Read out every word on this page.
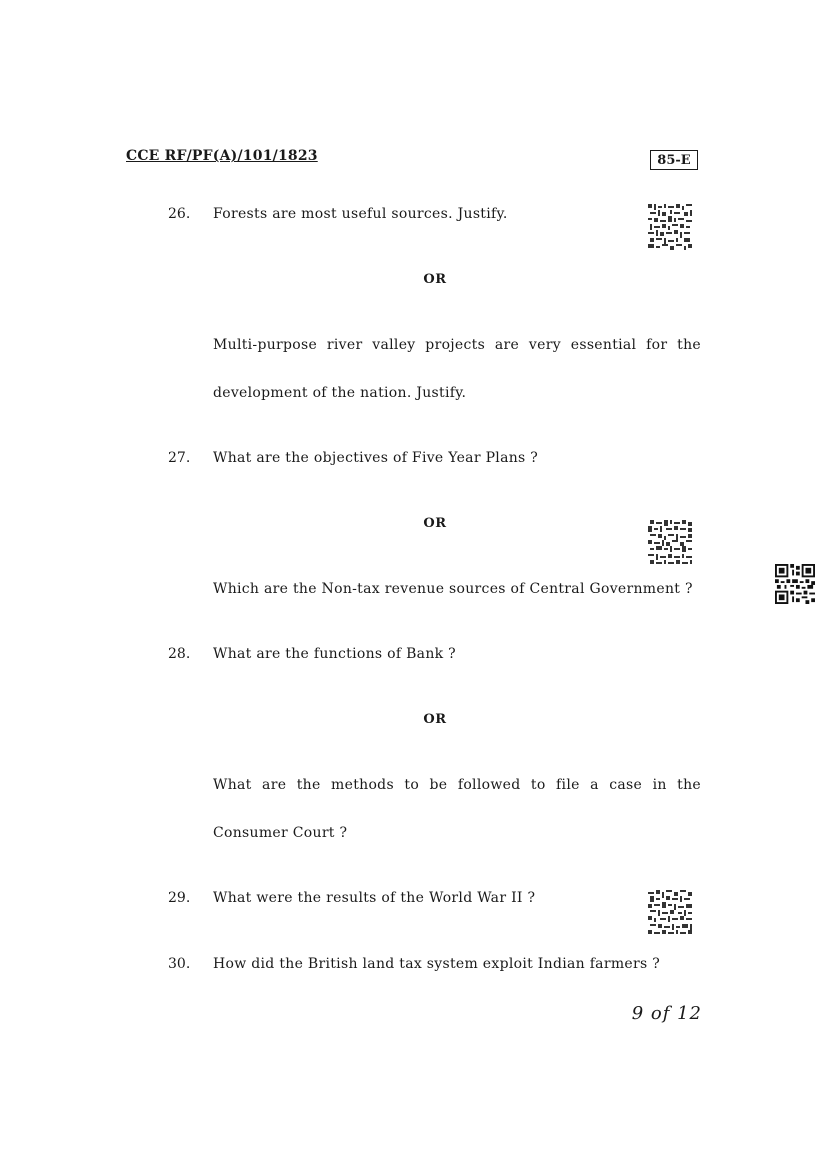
CCE RF/PF(A)/101/1823	85-E
26.	Forests are most useful sources. Justify.
OR
Multi-purpose river valley projects are very essential for the
development of the nation. Justify.
27.	What are the objectives of Five Year Plans ?
OR
Which are the Non-tax revenue sources of Central Government ?
28.	What are the functions of Bank ?
OR
What are the methods to be followed to file a case in the
Consumer Court ?
29.	What were the results of the World War II ?
30.	How did the British land tax system exploit Indian farmers ?
9 of 12
